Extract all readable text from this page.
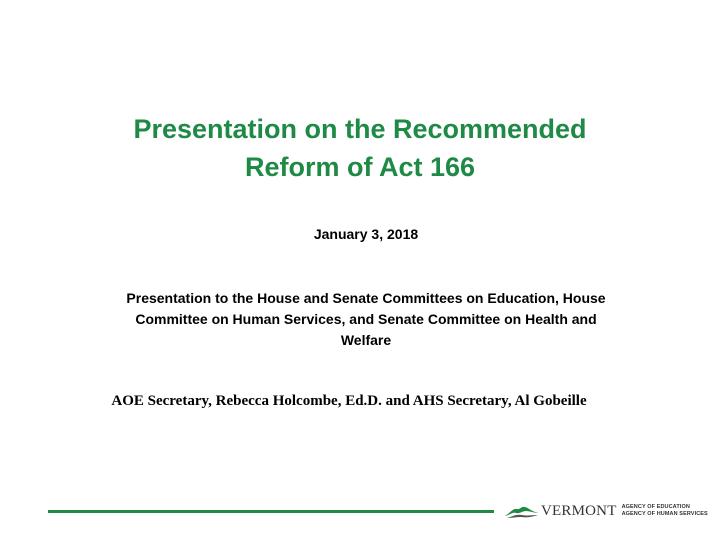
Presentation on the Recommended
Reform of Act 166
January 3, 2018
Presentation to the House and Senate Committees on Education, House
Committee on Human Services, and Senate Committee on Health and
Welfare
AOE Secretary, Rebecca Holcombe, Ed.D. and AHS Secretary, Al Gobeille
VERMONT AGENCY OF EDUCATION
AGENCY OF HUMAN SERVICES
